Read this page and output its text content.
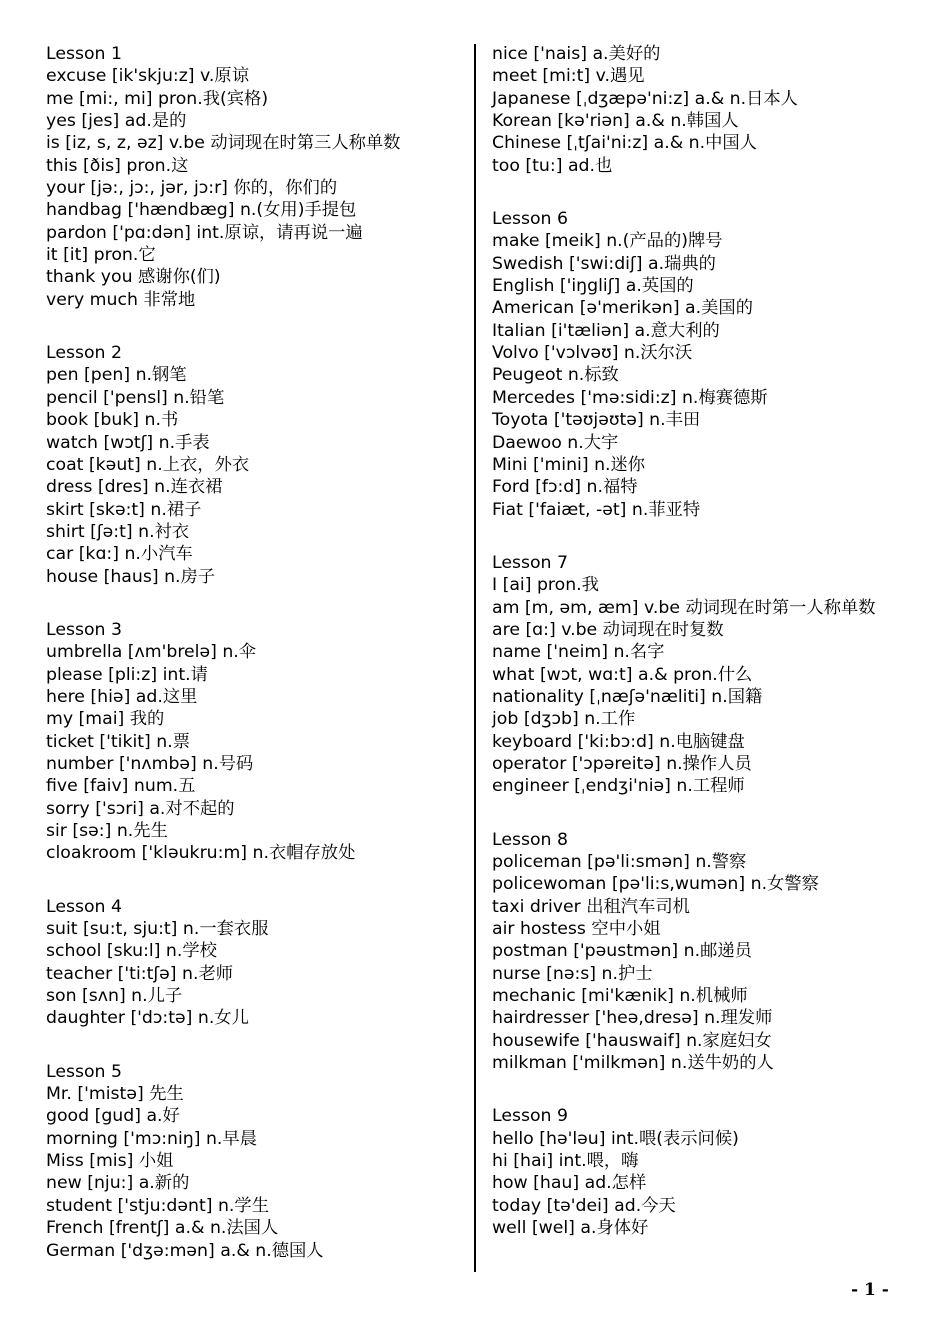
Lesson 1
excuse [ik'skju:z] v.原谅
me [mi:, mi] pron.我(宾格)
yes [jes] ad.是的
is [iz, s, z, əz] v.be 动词现在时第三人称单数
this [ðis] pron.这
your [jə:, jɔ:, jər, jɔ:r] 你的，你们的
handbag ['hændbæg] n.(女用)手提包
pardon ['pɑ:dən] int.原谅，请再说一遍
it [it] pron.它
thank you 感谢你(们)
very much 非常地
Lesson 2
pen [pen] n.钢笔
pencil ['pensl] n.铅笔
book [buk] n.书
watch [wɔtʃ] n.手表
coat [kəut] n.上衣，外衣
dress [dres] n.连衣裙
skirt [skə:t] n.裙子
shirt [ʃə:t] n.衬衣
car [kɑ:] n.小汽车
house [haus] n.房子
Lesson 3
umbrella [ʌm'brelə] n.伞
please [pli:z] int.请
here [hiə] ad.这里
my [mai] 我的
ticket ['tikit] n.票
number ['nʌmbə] n.号码
five [faiv] num.五
sorry ['sɔri] a.对不起的
sir [sə:] n.先生
cloakroom ['kləukru:m] n.衣帽存放处
Lesson 4
suit [su:t, sju:t] n.一套衣服
school [sku:l] n.学校
teacher ['ti:tʃə] n.老师
son [sʌn] n.儿子
daughter ['dɔ:tə] n.女儿
Lesson 5
Mr. ['mistə] 先生
good [gud] a.好
morning ['mɔ:niŋ] n.早晨
Miss [mis] 小姐
new [nju:] a.新的
student ['stju:dənt] n.学生
French [frentʃ] a.& n.法国人
German ['dʒə:mən] a.& n.德国人
nice ['nais] a.美好的
meet [mi:t] v.遇见
Japanese [ˌdʒæpə'ni:z] a.& n.日本人
Korean [kə'riən] a.& n.韩国人
Chinese [ˌtʃai'ni:z] a.& n.中国人
too [tu:] ad.也
Lesson 6
make [meik] n.(产品的)牌号
Swedish ['swi:diʃ] a.瑞典的
English ['iŋgliʃ] a.英国的
American [ə'merikən] a.美国的
Italian [i'tæliən] a.意大利的
Volvo ['vɔlvəʊ] n.沃尔沃
Peugeot n.标致
Mercedes ['mə:sidi:z] n.梅赛德斯
Toyota ['təʊjəʊtə] n.丰田
Daewoo n.大宇
Mini ['mini] n.迷你
Ford [fɔ:d] n.福特
Fiat ['faiæt, -ət] n.菲亚特
Lesson 7
I [ai] pron.我
am [m, əm, æm] v.be 动词现在时第一人称单数
are [ɑ:] v.be 动词现在时复数
name ['neim] n.名字
what [wɔt, wɑ:t] a.& pron.什么
nationality [ˌnæʃə'næliti] n.国籍
job [dʒɔb] n.工作
keyboard ['ki:bɔ:d] n.电脑键盘
operator ['ɔpəreitə] n.操作人员
engineer [ˌendʒi'niə] n.工程师
Lesson 8
policeman [pə'li:smən] n.警察
policewoman [pə'li:s,wumən] n.女警察
taxi driver 出租汽车司机
air hostess 空中小姐
postman ['pəustmən] n.邮递员
nurse [nə:s] n.护士
mechanic [mi'kænik] n.机械师
hairdresser ['heə,dresə] n.理发师
housewife ['hauswaif] n.家庭妇女
milkman ['milkmən] n.送牛奶的人
Lesson 9
hello [hə'ləu] int.喂(表示问候)
hi [hai] int.喂，嗨
how [hau] ad.怎样
today [tə'dei] ad.今天
well [wel] a.身体好
- 1 -
